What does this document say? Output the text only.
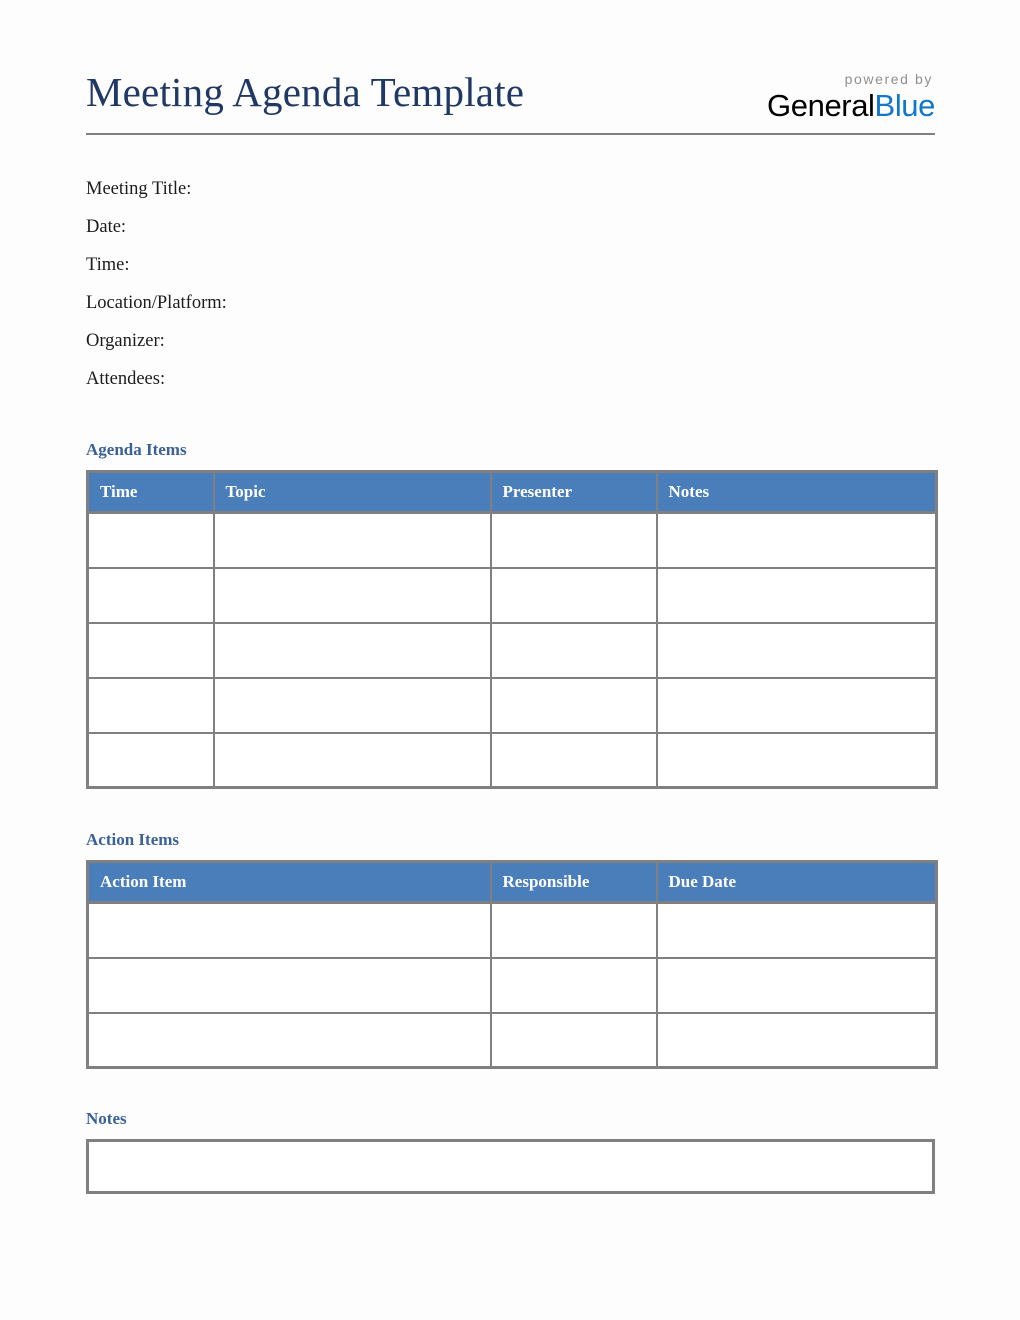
Meeting Agenda Template	powered by
GeneralBlue
Meeting Title:
Date:
Time:
Location/Platform:
Organizer:
Attendees:
Agenda Items
Time	Topic	Presenter	Notes

Action Items
Action Item	Responsible	Due Date

Notes
